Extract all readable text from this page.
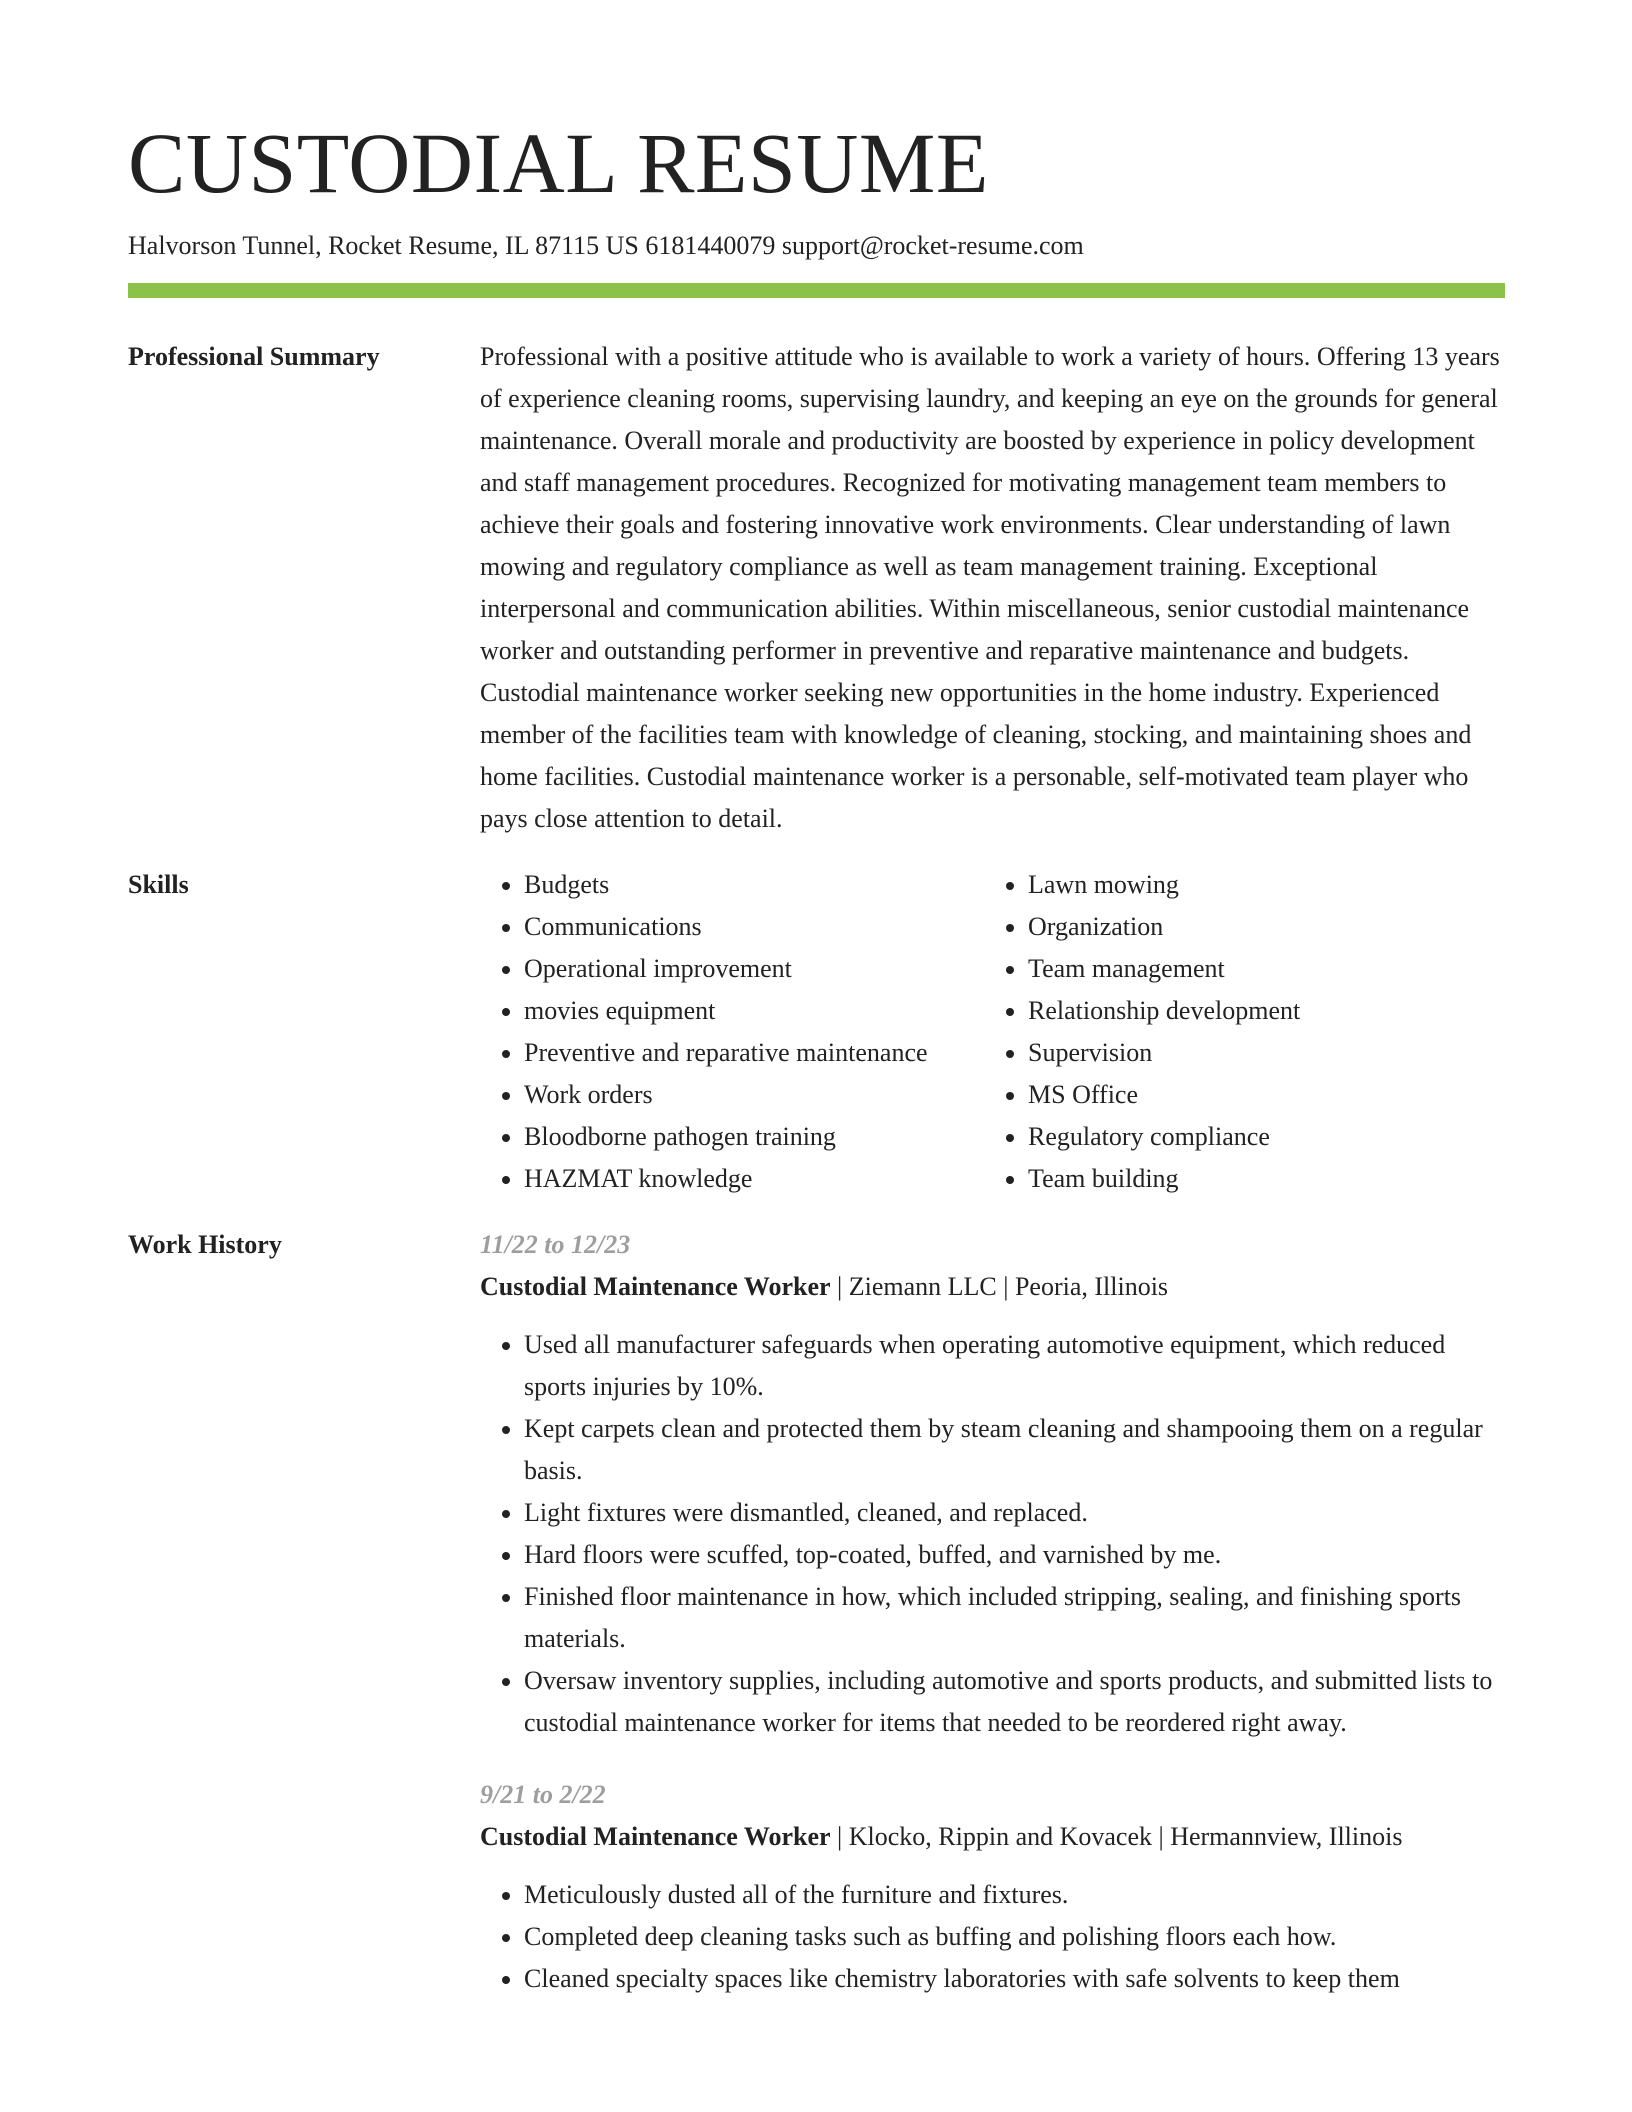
CUSTODIAL RESUME
Halvorson Tunnel, Rocket Resume, IL 87115 US 6181440079 support@rocket-resume.com
Professional Summary	Professional with a positive attitude who is available to work a variety of hours. Offering 13 years of experience cleaning rooms, supervising laundry, and keeping an eye on the grounds for general maintenance. Overall morale and productivity are boosted by experience in policy development and staff management procedures. Recognized for motivating management team members to achieve their goals and fostering innovative work environments. Clear understanding of lawn mowing and regulatory compliance as well as team management training. Exceptional interpersonal and communication abilities. Within miscellaneous, senior custodial maintenance worker and outstanding performer in preventive and reparative maintenance and budgets. Custodial maintenance worker seeking new opportunities in the home industry. Experienced member of the facilities team with knowledge of cleaning, stocking, and maintaining shoes and home facilities. Custodial maintenance worker is a personable, self-motivated team player who pays close attention to detail.

Skills
•	Budgets
• Communications
• Operational improvement
• movies equipment
• Preventive and reparative maintenance
• Work orders
• Bloodborne pathogen training
• HAZMAT knowledge
• Lawn mowing
• Organization
• Team management
• Relationship development
• Supervision
• MS Office
• Regulatory compliance
• Team building
Work History	11/22 to 12/23
Custodial Maintenance Worker | Ziemann LLC | Peoria, Illinois
• Used all manufacturer safeguards when operating automotive equipment, which reduced sports injuries by 10%.
• Kept carpets clean and protected them by steam cleaning and shampooing them on a regular basis.
• Light fixtures were dismantled, cleaned, and replaced.
• Hard floors were scuffed, top-coated, buffed, and varnished by me.
• Finished floor maintenance in how, which included stripping, sealing, and finishing sports materials.
• Oversaw inventory supplies, including automotive and sports products, and submitted lists to custodial maintenance worker for items that needed to be reordered right away.
9/21 to 2/22
Custodial Maintenance Worker | Klocko, Rippin and Kovacek | Hermannview, Illinois
• Meticulously dusted all of the furniture and fixtures.
• Completed deep cleaning tasks such as buffing and polishing floors each how.
• Cleaned specialty spaces like chemistry laboratories with safe solvents to keep them
